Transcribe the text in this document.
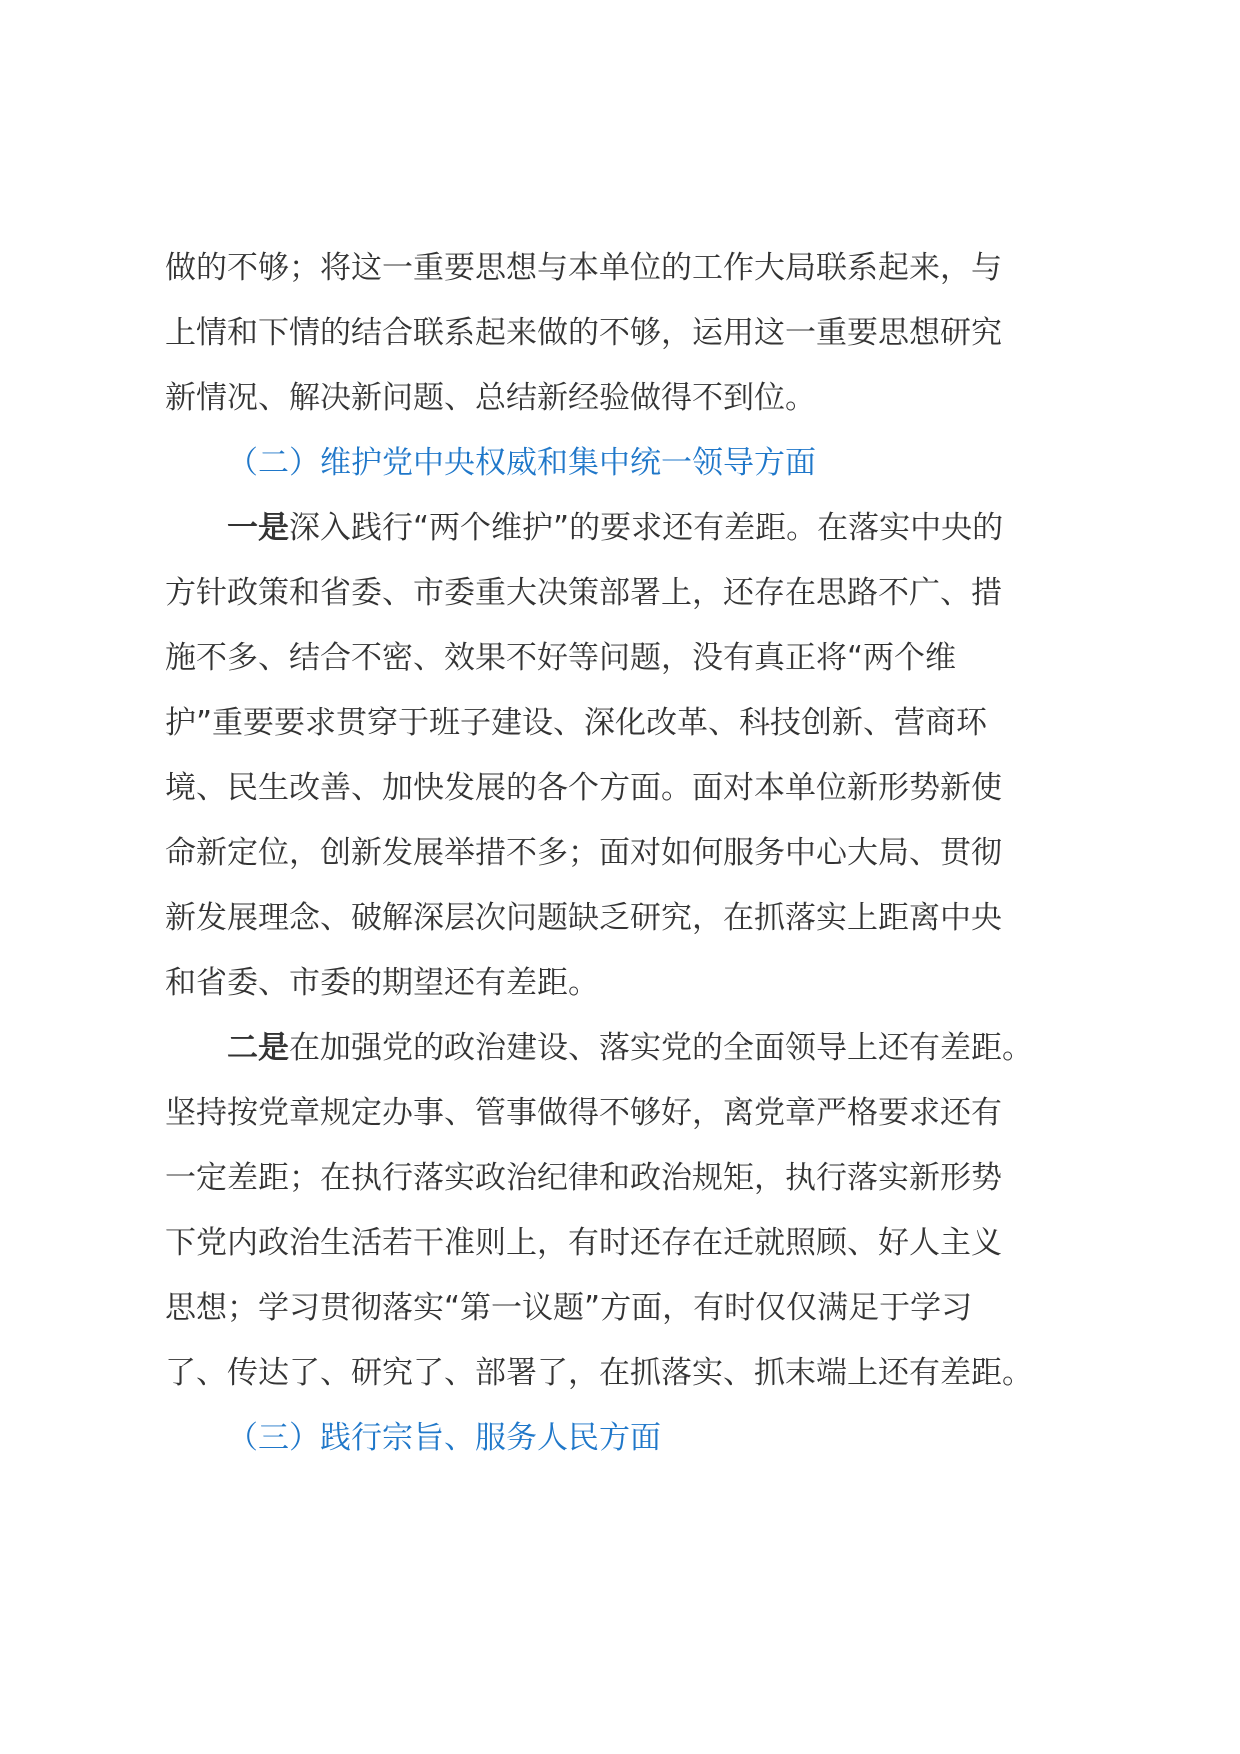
做的不够；将这一重要思想与本单位的工作大局联系起来，与
上情和下情的结合联系起来做的不够，运用这一重要思想研究
新情况、解决新问题、总结新经验做得不到位。
（二）维护党中央权威和集中统一领导方面
一是深入践行“两个维护”的要求还有差距。在落实中央的
方针政策和省委、市委重大决策部署上，还存在思路不广、措
施不多、结合不密、效果不好等问题，没有真正将“两个维
护”重要要求贯穿于班子建设、深化改革、科技创新、营商环
境、民生改善、加快发展的各个方面。面对本单位新形势新使
命新定位，创新发展举措不多；面对如何服务中心大局、贯彻
新发展理念、破解深层次问题缺乏研究，在抓落实上距离中央
和省委、市委的期望还有差距。
二是在加强党的政治建设、落实党的全面领导上还有差距。
坚持按党章规定办事、管事做得不够好，离党章严格要求还有
一定差距；在执行落实政治纪律和政治规矩，执行落实新形势
下党内政治生活若干准则上，有时还存在迁就照顾、好人主义
思想；学习贯彻落实“第一议题”方面，有时仅仅满足于学习
了、传达了、研究了、部署了，在抓落实、抓末端上还有差距。
（三）践行宗旨、服务人民方面
